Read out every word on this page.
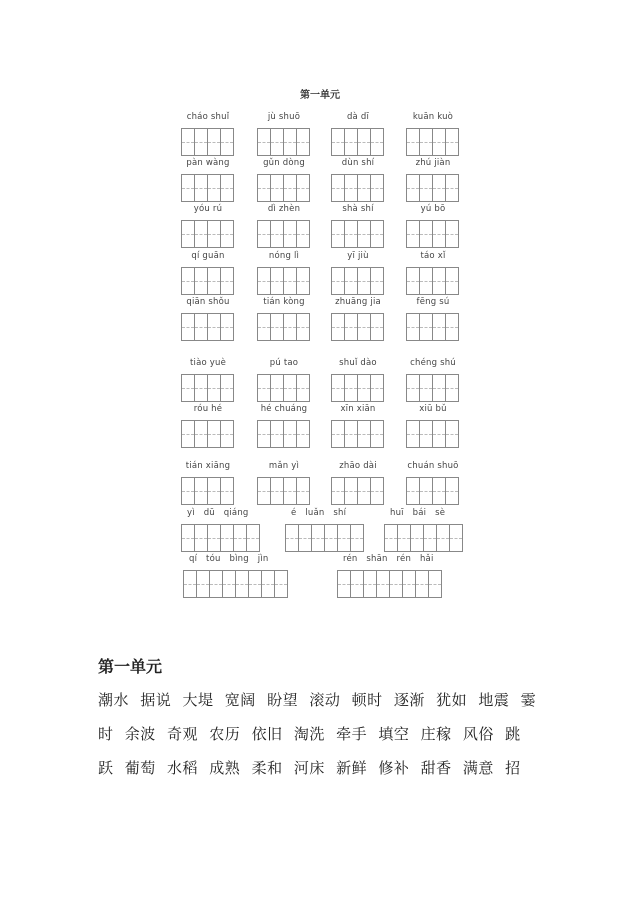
第一单元
cháo shuǐ	jù shuō	dà dī	kuān kuò
pàn wàng	gǔn dòng	dùn shí	zhú jiàn
yóu rú	dì zhèn	shà shí	yú bō
qí guān	nóng lì	yī jiù	táo xǐ
qiān shǒu	tián kòng	zhuāng jia	fēng sú
tiào yuè	pú tao	shuǐ dào	chéng shú
róu hé	hé chuáng	xīn xiān	xiū bǔ
tián xiāng	mǎn yì	zhāo dài	chuán shuō
yì dū qiáng	é luǎn shí	huī bái sè
qí tóu bìng jìn	rén shān rén hǎi
第一单元
潮水 据说 大堤 宽阔 盼望 滚动 顿时 逐渐 犹如 地震 霎
时 余波 奇观 农历 依旧 淘洗 牵手 填空 庄稼 风俗 跳
跃 葡萄 水稻 成熟 柔和 河床 新鲜 修补 甜香 满意 招
